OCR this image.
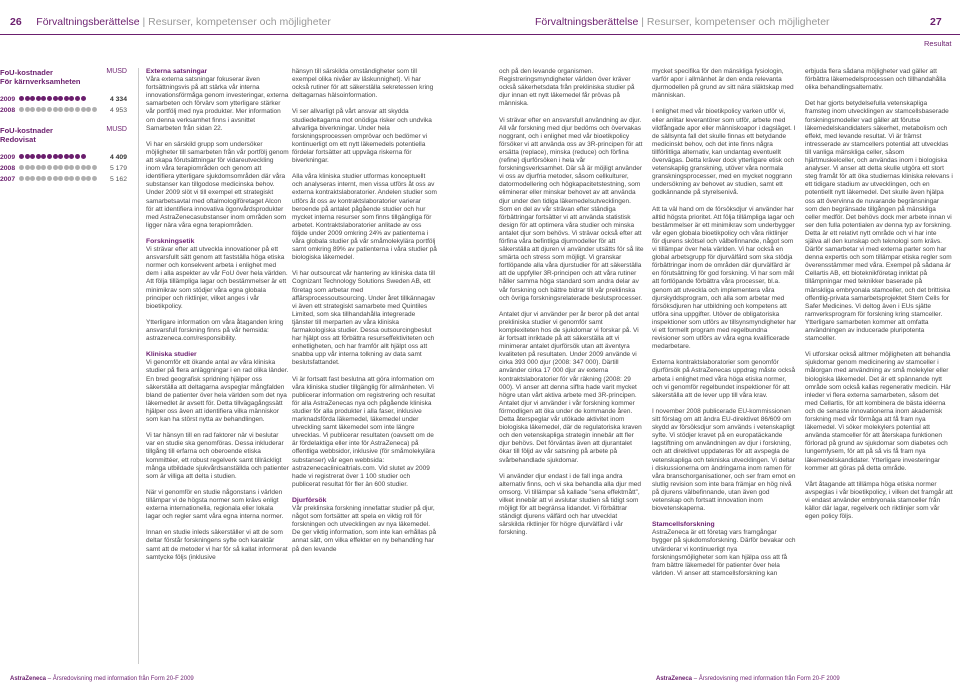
26 Förvaltningsberättelse | Resurser, kompetenser och möjligheter	Förvaltningsberättelse | Resurser, kompetenser och möjligheter	27
Resultat
FoU-kostnader
För kärnverksamheten
MUSD
2009	4 334
2008	4 953
FoU-kostnader
Redovisat
MUSD
2009	4 409
2008	5 179
2007	5 162
Externa satsningar

Våra externa satsningar fokuserar även fortsättningsvis på att stärka vår interna innovationsförmåga genom investeringar, externa samarbeten och förvärv som ytterligare stärker vår portfölj med nya produkter. Mer information om denna verksamhet finns i avsnittet Samarbeten från sidan 22.

Vi har en särskild grupp som undersöker möjligheter till samarbeten från vår portfölj genom att skapa förutsättningar för vidareutveckling inom våra terapiområden och genom att identifiera ytterligare sjukdomsområden där våra substanser kan tillgodose medicinska behov. Under 2009 slöt vi till exempel ett strategiskt samarbetsavtal med oftalmologiföretaget Alcon för att identifiera innovativa ögonvårdsprodukter med AstraZenecasubstanser inom områden som ligger nära våra egna terapiområden.

Forskningsetik

Vi strävar efter att utveckla innovationer på ett ansvarsfullt sätt genom att fastställa höga etiska normer och konsekvent arbeta i enlighet med dem i alla aspekter av vår FoU över hela världen. Att följa tillämpliga lagar och bestämmelser är ett minimikrav som stödjer våra egna globala principer och riktlinjer, vilket anges i vår bioetikpolicy.

Ytterligare information om våra åtaganden kring ansvarsfull forskning finns på vår hemsida: astrazeneca.com/responsibility.

Kliniska studier

Vi genomför ett ökande antal av våra kliniska studier på flera anläggningar i en rad olika länder. En bred geografisk spridning hjälper oss säkerställa att deltagarna avspeglar mångfalden bland de patienter över hela världen som det nya läkemedlet är avsett för. Detta tillvägagångssätt hjälper oss även att identifiera vilka människor som kan ha störst nytta av behandlingen.

Vi tar hänsyn till en rad faktorer när vi beslutar var en studie ska genomföras. Dessa inkluderar tillgång till erfarna och oberoende etiska kommittéer, ett robust regelverk samt tillräckligt många utbildade sjukvårdsanställda och patienter som är villiga att delta i studien.

När vi genomför en studie någonstans i världen tillämpar vi de högsta normer som krävs enligt externa internationella, regionala eller lokala lagar och regler samt våra egna interna normer.

Innan en studie inleds säkerställer vi att de som deltar förstår forskningens syfte och karaktär samt att de metoder vi har för så kallat informerat samtycke följs (inklusive

hänsyn till särskilda omständigheter som till exempel olika nivåer av läskunnighet). Vi har också rutiner för att säkerställa sekretessen kring deltagarnas hälsoinformation.

Vi ser allvarligt på vårt ansvar att skydda studiedeltagarna mot onödiga risker och undvika allvarliga biverkningar. Under hela forskningsprocessen omprövar och bedömer vi kontinuerligt om ett nytt läkemedels potentiella fördelar fortsätter att uppväga riskerna för biverkningar.

Alla våra kliniska studier utformas konceptuellt och analyseras internt, men vissa utförs åt oss av externa kontraktslaboratorier. Andelen studier som utförs åt oss av kontraktslaboratorier varierar beroende på antalet pågående studier och hur mycket interna resurser som finns tillgängliga för arbetet. Kontraktslaboratorier anlitade av oss följde under 2009 omkring 24% av patienterna i våra globala studier på vår småmolekylära portfölj samt omkring 89% av patienterna i våra studier på biologiska läkemedel.

Vi har outsourcat vår hantering av kliniska data till Cognizant Technology Solutions Sweden AB, ett företag som arbetar med affärsprocessoutsourcing. Under året tillkännagav vi även ett strategiskt samarbete med Quintiles Limited, som ska tillhandahålla integrerade tjänster till merparten av våra kliniska farmakologiska studier. Dessa outsourcingbeslut har hjälpt oss att förbättra resurseffektiviteten och enhetligheten, och har framför allt hjälpt oss att snabba upp vår interna tolkning av data samt beslutsfattandet.

Vi är fortsatt fast beslutna att göra information om våra kliniska studier tillgänglig för allmänheten. Vi publicerar information om registrering och resultat för alla AstraZenecas nya och pågående kliniska studier för alla produkter i alla faser, inklusive marknadsförda läkemedel, läkemedel under utveckling samt läkemedel som inte längre utvecklas. Vi publicerar resultaten (oavsett om de är fördelaktiga eller inte för AstraZeneca) på offentliga webbsidor, inklusive (för småmolekylära substanser) vår egen webbsida: astrazenecaclinicaltrials.com. Vid slutet av 2009 hade vi registrerat över 1 100 studier och publicerat resultat för fler än 600 studier.

Djurförsök

Vår preklinska forskning innefattar studier på djur, något som fortsätter att spela en viktig roll för forskningen och utvecklingen av nya läkemedel. De ger viktig information, som inte kan erhållas på annat sätt, om vilka effekter en ny behandling har på den levande

och på den levande organismen. Registreringsmyndigheter världen över kräver också säkerhetsdata från prekliniska studier på djur innan ett nytt läkemedel får prövas på människa.

Vi strävar efter en ansvarsfull användning av djur. All vår forskning med djur bedöms och övervakas noggrant, och i enlighet med vår bioetikpolicy försöker vi att använda oss av 3R-principen för att ersätta (replace), minska (reduce) och förfina (refine) djurförsöken i hela vår forskningsverksamhet. Där så är möjligt använder vi oss av djurfria metoder, såsom cellkulturer, datormodellering och högkapacitetstestning, som eliminerar eller minskar behovet av att använda djur under den tidiga läkemedelsutvecklingen. Som en del av vår strävan efter ständiga förbättringar fortsätter vi att använda statistisk design för att optimera våra studier och minska antalet djur som behövs. Vi strävar också efter att förfina våra befintliga djurmodeller för att säkerställa att djuren vi använder utsätts för så lite smärta och stress som möjligt. Vi granskar fortlöpande alla våra djurstudier för att säkerställa att de uppfyller 3R-principen och att våra rutiner håller samma höga standard som andra delar av vår forskning och bättre bidrar till vår preklinska och övriga forskningsrelaterade beslutsprocesser.

Antalet djur vi använder per år beror på det antal prekliniska studier vi genomför samt komplexiteten hos de sjukdomar vi forskar på. Vi är fortsatt inriktade på att säkerställa att vi minimerar antalet djurförsök utan att äventyra kvaliteten på resultaten. Under 2009 använde vi cirka 393 000 djur (2008: 347 000). Därtill använder cirka 17 000 djur av externa kontraktslaboratorier för vår räkning (2008: 29 000). Vi anser att denna siffra hade varit mycket högre utan vårt aktiva arbete med 3R-principen. Antalet djur vi använder i vår forskning kommer förmodligen att öka under de kommande åren. Detta återspeglar vår utökade aktivitet inom biologiska läkemedel, där de regulatoriska kraven och den vetenskapliga strategin innebär att fler djur behövs. Det förväntas även att djurantalet ökar till följd av vår satsning på arbete på svårbehandlade sjukdomar.

Vi använder djur endast i de fall inga andra alternativ finns, och vi ska behandla alla djur med omsorg. Vi tillämpar så kallade ”sena effektmått”, vilket innebär att vi avslutar studien så tidigt som möjligt för att begränsa lidandet. Vi förbättrar ständigt djurens välfärd och har utvecklat särskilda riktlinjer för högre djurvälfärd i vår forskning.

mycket specifika för den mänskliga fysiologin, varför apor i allmänhet är den enda relevanta djurmodellen på grund av sitt nära släktskap med människan.

I enlighet med vår bioetikpolicy varken utför vi, eller anlitar leverantörer som utför, arbete med vildfångade apor eller människoapor i dagsläget. I de sällsynta fall det skulle finnas ett betydande medicinskt behov, och det inte finns några tillförlitliga alternativ, kan undantag eventuellt övervägas. Detta kräver dock ytterligare etisk och vetenskaplig granskning, utöver våra normala granskningsprocesser, med en mycket noggrann undersökning av behovet av studien, samt ett godkännande på styrelsenivå.

Att ta väl hand om de försöksdjur vi använder har alltid högsta prioritet. Att följa tillämpliga lagar och bestämmelser är ett minimikrav som underbygger vår egen globala bioetikpolicy och våra riktlinjer för djurens skötsel och välbefinnande, något som vi tillämpar över hela världen. Vi har också en global arbetsgrupp för djurvälfärd som ska stödja förbättringar inom de områden där djurvälfärd är en förutsättning för god forskning. Vi har som mål att fortlöpande förbättra våra processer, bl.a. genom att utveckla och implementera våra djurskyddsprogram, och alla som arbetar med försöksdjuren har utbildning och kompetens att utföra sina uppgifter. Utöver de obligatoriska inspektioner som utförs av tillsynsmyndigheter har vi ett formellt program med regelbundna revisioner som utförs av våra egna kvalificerade medarbetare.

Externa kontraktslaboratorier som genomför djurförsök på AstraZenecas uppdrag måste också arbeta i enlighet med våra höga etiska normer, och vi genomför regelbundet inspektioner för att säkerställa att de lever upp till våra krav.

I november 2008 publicerade EU-kommissionen sitt förslag om att ändra EU-direktivet 86/609 om skydd av försöksdjur som används i vetenskapligt syfte. Vi stödjer kravet på en europatäckande lagstiftning om användningen av djur i forskning, och att direktivet uppdateras för att avspegla de vetenskapliga och tekniska utvecklingen. Vi deltar i diskussionerna om ändringarna inom ramen för våra branschorganisationer, och ser fram emot en slutlig revision som inte bara främjar en hög nivå på djurens välbefinnande, utan även god vetenskap och fortsatt innovation inom biovetenskaperna.

Stamcellsforskning

AstraZeneca är ett företag vars framgångar bygger på sjukdomsforskning. Därför bevakar och utvärderar vi kontinuerligt nya forskningsmöjligheter som kan hjälpa oss att få fram bättre läkemedel för patienter över hela världen. Vi anser att stamcellsforskning kan

erbjuda flera sådana möjligheter vad gäller att förbättra läkemedelsprocessen och tillhandahålla olika behandlingsalternativ.

Det har gjorts betydelsefulla vetenskapliga framsteg inom utvecklingen av stamcellsbaserade forskningsmodeller vad gäller att förutse läkemedelskandidaters säkerhet, metabolism och effekt, med levande resultat. Vi är främst intresserade av stamcellers potential att utvecklas till vanliga mänskliga celler, såsom hjärtmuskelceller, och användas inom i biologiska analyser. Vi anser att detta skulle utgöra ett stort steg framåt för att öka studiernas kliniska relevans i ett tidigare stadium av utvecklingen, och en potentiellt nytt läkemedel. Det skulle även hjälpa oss att övervinna de nuvarande begränsningar som den begränsade tillgången på mänskliga celler medför. Det behövs dock mer arbete innan vi ser den fulla potentialen av denna typ av forskning. Detta är ett relativt nytt område och vi har inte själva all den kunskap och teknologi som krävs. Därför samarbetar vi med externa parter som har denna expertis och som tillämpar etiska regler som överensstämmer med våra. Exempel på sådana är Cellartis AB, ett bioteknikföretag inriktat på tillämpningar med teknikker baserade på mänskliga embryonala stamceller, och det brittiska offentlig-privata samarbetsprojektet Stem Cells for Safer Medicines. Vi deltog även i EUs sjätte ramverksprogram för forskning kring stamceller. Ytterligare samarbeten kommer att omfatta användningen av inducerade pluripotenta stamceller.

Vi utforskar också alltmer möjligheten att behandla sjukdomar genom medicinering av stamceller i målorgan med användning av små molekyler eller biologiska läkemedel. Det är ett spännande nytt område som också kallas regenerativ medicin. Här inleder vi flera externa samarbeten, såsom det med Cellartis, för att kombinera de bästa idéerna och de senaste innovationerna inom akademisk forskning med vår förmåga att få fram nya läkemedel. Vi söker molekylers potential att använda stamceller för att återskapa funktionen förlorad på grund av sjukdomar som diabetes och lungemfysem, för att på så vis få fram nya läkemedelskandidater. Ytterligare investeringar kommer att göras på detta område.

Vårt åtagande att tillämpa höga etiska normer avspeglas i vår bioetikpolicy, i vilken det framgår att vi endast använder embryonala stamceller från källor där lagar, regelverk och riktlinjer som vår egen policy följs.

AstraZeneca – Årsredovisning med information från Form 20-F 2009	AstraZeneca – Årsredovisning med information från Form 20-F 2009
